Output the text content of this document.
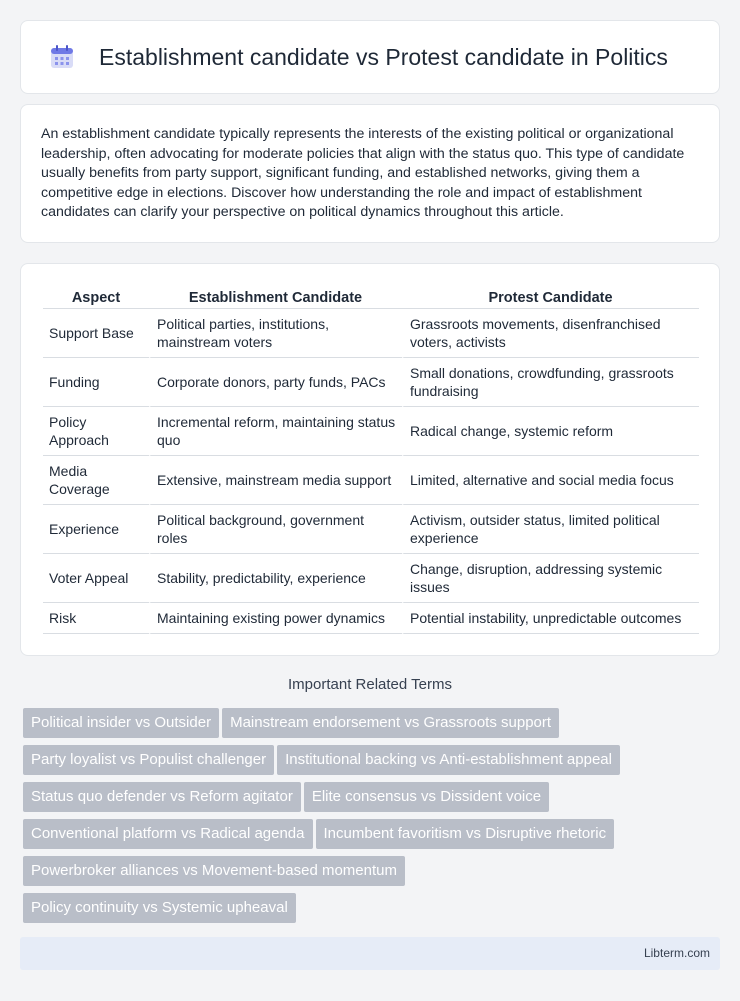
Establishment candidate vs Protest candidate in Politics

An establishment candidate typically represents the interests of the existing political or organizational leadership, often advocating for moderate policies that align with the status quo. This type of candidate usually benefits from party support, significant funding, and established networks, giving them a competitive edge in elections. Discover how understanding the role and impact of establishment candidates can clarify your perspective on political dynamics throughout this article.

Aspect	Establishment Candidate	Protest Candidate
Support Base	Political parties, institutions, mainstream voters	Grassroots movements, disenfranchised voters, activists
Funding	Corporate donors, party funds, PACs	Small donations, crowdfunding, grassroots fundraising
Policy Approach	Incremental reform, maintaining status quo	Radical change, systemic reform
Media Coverage	Extensive, mainstream media support	Limited, alternative and social media focus
Experience	Political background, government roles	Activism, outsider status, limited political experience
Voter Appeal	Stability, predictability, experience	Change, disruption, addressing systemic issues
Risk	Maintaining existing power dynamics	Potential instability, unpredictable outcomes
Important Related Terms
Political insider vs Outsider Mainstream endorsement vs Grassroots supportParty loyalist vs Populist challenger Institutional backing vs Anti-establishment appealStatus quo defender vs Reform agitator Elite consensus vs Dissident voiceConventional platform vs Radical agenda Incumbent favoritism vs Disruptive rhetoricPowerbroker alliances vs Movement-based momentum
Policy continuity vs Systemic upheaval
Libterm.com
